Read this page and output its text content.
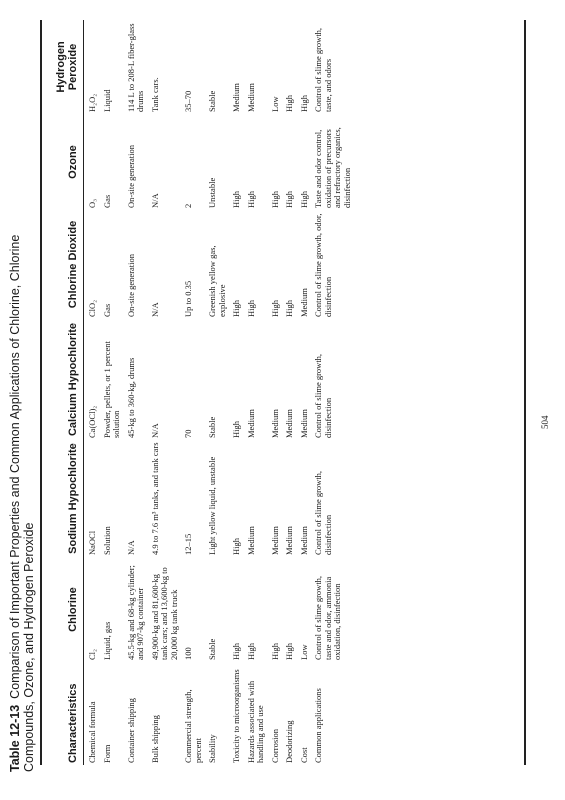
Table 12-13Comparison of Important Properties and Common Applications of Chlorine, Chlorine Compounds, Ozone, and Hydrogen Peroxide	Characteristics	Chlorine	Sodium Hypochlorite	Calcium Hypochlorite	Chlorine Dioxide	Ozone	Hydrogen Peroxide
Chemical formula	Cl₂	NaOCl	Ca(OCl)₂	ClO₂	O₃	H₂O₂
Form	Liquid, gas	Solution	Powder, pellets, or 1 percent solution	Gas	Gas	Liquid
Container shipping	45.5-kg and 68-kg cylinder; and 907-kg container	N/A	45-kg to 360-kg, drums	On-site generation	On-site generation	114 L to 208-L fiber-glass drums
Bulk shipping	49,900-kg and 81,600-kg tank cars; and 13,600-kg to 20,000 kg tank truck	4.9 to 7.6 m³ tanks, and tank cars	N/A	N/A	N/A	Tank cars.
Commercial strength, percent	100	12–15	70	Up to 0.35	2	35–70
Stability	Stable	Light yellow liquid, unstable	Stable	Greenish yellow gas, explosive	Unstable	Stable
Toxicity to microorganisms	High	High	High	High	High	Medium
Hazards associated with handling and use	High	Medium	Medium	High	High	Medium
Corrosion	High	Medium	Medium	High	High	Low
Deodorizing	High	Medium	Medium	High	High	High
Cost	Low	Medium	Medium	Medium	High	High
Common applications	Control of slime growth, taste and odor, ammonia oxidation, disinfection	Control of slime growth, disinfection	Control of slime growth, disinfection	Control of slime growth, odor, disinfection	Taste and odor control, oxidation of precursors and refractory organics, disinfection	Control of slime growth, taste, and odors
504
